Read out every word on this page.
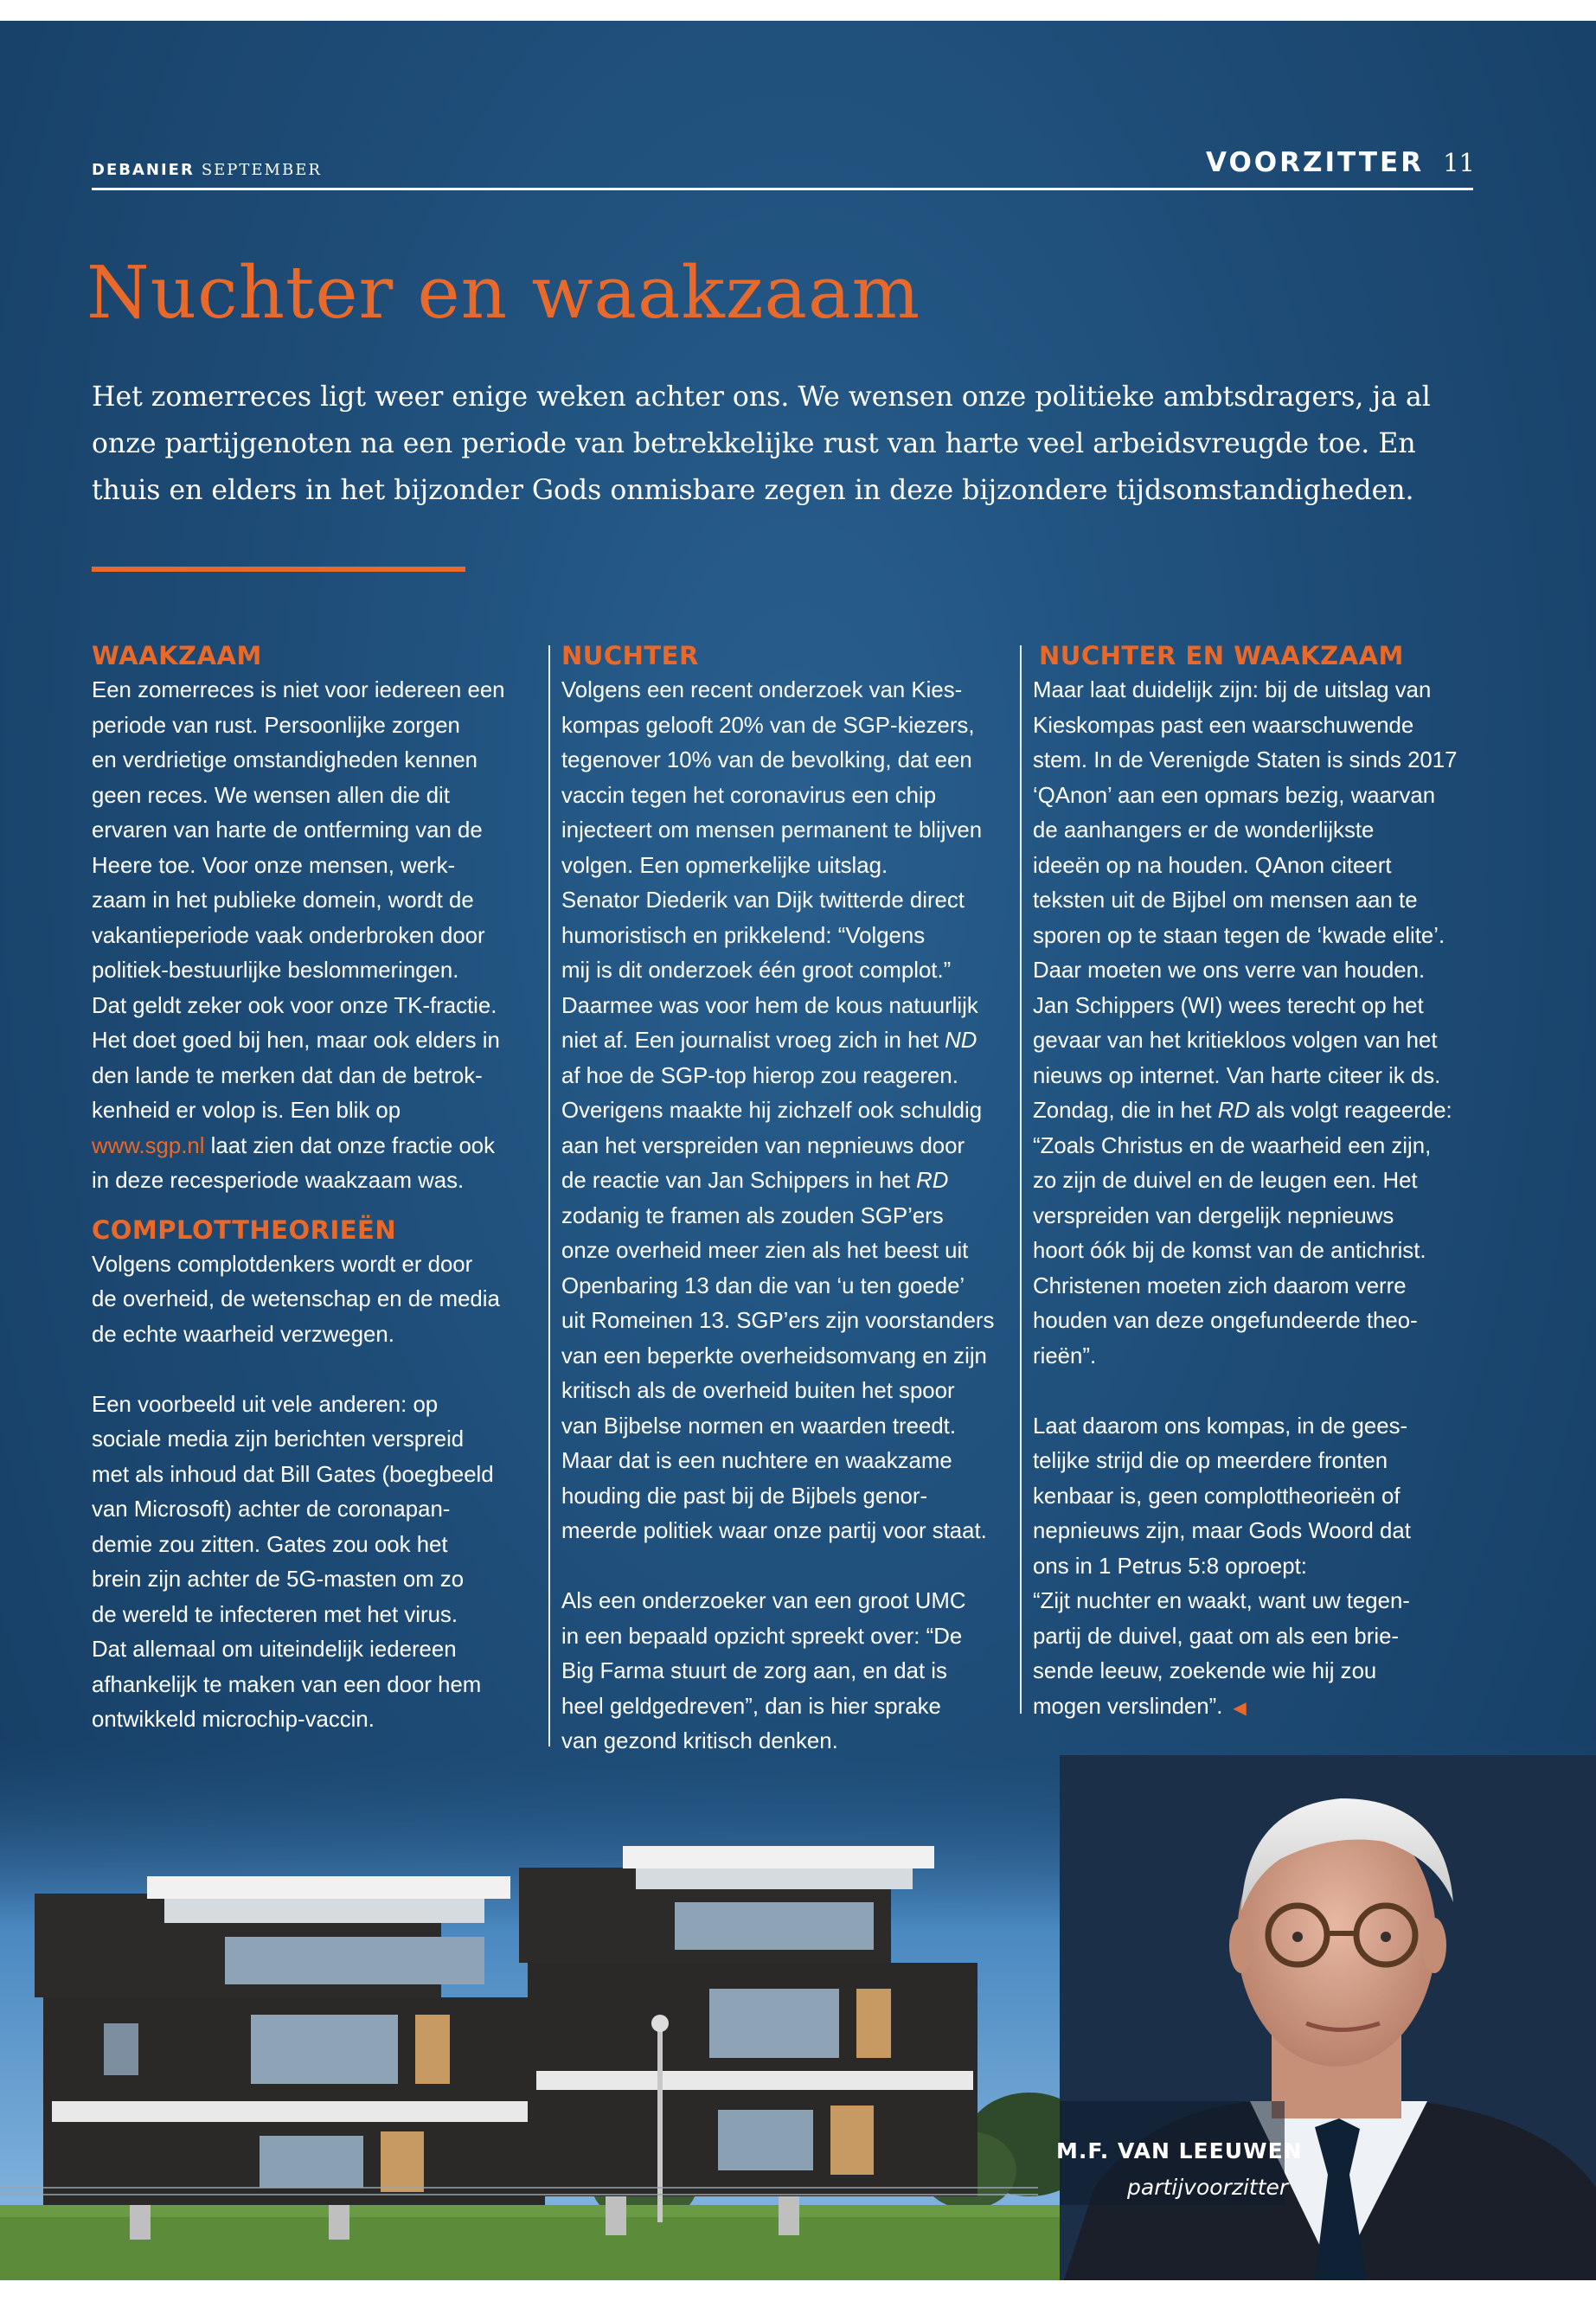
DEBANIER SEPTEMBER	VOORZITTER 11
Nuchter en waakzaam

Het zomerreces ligt weer enige weken achter ons. We wensen onze politieke ambtsdragers, ja al onze partijgenoten na een periode van betrekkelijke rust van harte veel arbeidsvreugde toe. En thuis en elders in het bijzonder Gods onmisbare zegen in deze bijzondere tijdsomstandigheden.

WAAKZAAM
Een zomerreces is niet voor iedereen een
periode van rust. Persoonlijke zorgen
en verdrietige omstandigheden kennen
geen reces. We wensen allen die dit
ervaren van harte de ontferming van de
Heere toe. Voor onze mensen, werk-
zaam in het publieke domein, wordt de
vakantieperiode vaak onderbroken door
politiek-bestuurlijke beslommeringen.
Dat geldt zeker ook voor onze TK-fractie.
Het doet goed bij hen, maar ook elders in
den lande te merken dat dan de betrok-
kenheid er volop is. Een blik op
www.sgp.nl laat zien dat onze fractie ook
in deze recesperiode waakzaam was.
COMPLOTTHEORIEËN
Volgens complotdenkers wordt er door
de overheid, de wetenschap en de media
de echte waarheid verzwegen.
Een voorbeeld uit vele anderen: op
sociale media zijn berichten verspreid
met als inhoud dat Bill Gates (boegbeeld
van Microsoft) achter de coronapan-
demie zou zitten. Gates zou ook het
brein zijn achter de 5G-masten om zo
de wereld te infecteren met het virus.
Dat allemaal om uiteindelijk iedereen
afhankelijk te maken van een door hem
ontwikkeld microchip-vaccin.
NUCHTER
Volgens een recent onderzoek van Kies-
kompas gelooft 20% van de SGP-kiezers,
tegenover 10% van de bevolking, dat een
vaccin tegen het coronavirus een chip
injecteert om mensen permanent te blijven
volgen. Een opmerkelijke uitslag.
Senator Diederik van Dijk twitterde direct
humoristisch en prikkelend: “Volgens
mij is dit onderzoek één groot complot.”
Daarmee was voor hem de kous natuurlijk
niet af. Een journalist vroeg zich in het ND
af hoe de SGP-top hierop zou reageren.
Overigens maakte hij zichzelf ook schuldig
aan het verspreiden van nepnieuws door
de reactie van Jan Schippers in het RD
zodanig te framen als zouden SGP’ers
onze overheid meer zien als het beest uit
Openbaring 13 dan die van ‘u ten goede’
uit Romeinen 13. SGP’ers zijn voorstanders
van een beperkte overheidsomvang en zijn
kritisch als de overheid buiten het spoor
van Bijbelse normen en waarden treedt.
Maar dat is een nuchtere en waakzame
houding die past bij de Bijbels genor-
meerde politiek waar onze partij voor staat.
Als een onderzoeker van een groot UMC
in een bepaald opzicht spreekt over: “De
Big Farma stuurt de zorg aan, en dat is
heel geldgedreven”, dan is hier sprake
NUCHTER EN WAAKZAAM
Maar laat duidelijk zijn: bij de uitslag van
Kieskompas past een waarschuwende
stem. In de Verenigde Staten is sinds 2017
‘QAnon’ aan een opmars bezig, waarvan
de aanhangers er de wonderlijkste
ideeën op na houden. QAnon citeert
teksten uit de Bijbel om mensen aan te
sporen op te staan tegen de ‘kwade elite’.
Daar moeten we ons verre van houden.
Jan Schippers (WI) wees terecht op het
gevaar van het kritiekloos volgen van het
nieuws op internet. Van harte citeer ik ds.
Zondag, die in het RD als volgt reageerde:
“Zoals Christus en de waarheid een zijn,
zo zijn de duivel en de leugen een. Het
verspreiden van dergelijk nepnieuws
hoort óók bij de komst van de antichrist.
Christenen moeten zich daarom verre
houden van deze ongefundeerde theo-
rieën”.
Laat daarom ons kompas, in de gees-
telijke strijd die op meerdere fronten
kenbaar is, geen complottheorieën of
nepnieuws zijn, maar Gods Woord dat
ons in 1 Petrus 5:8 oproept:
“Zijt nuchter en waakt, want uw tegen-
partij de duivel, gaat om als een brie-
sende leeuw, zoekende wie hij zou
mogen verslinden”. ◀
M.F. VAN LEEUWEN
partijvoorzitter
